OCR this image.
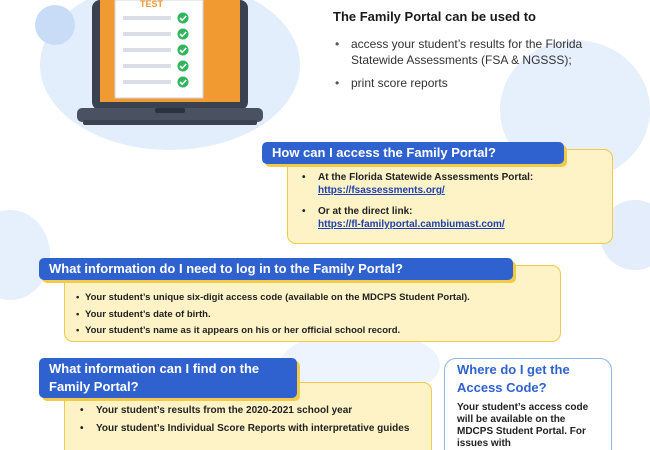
TEST
The Family Portal can be used to
• access your student’s results for the Florida Statewide Assessments (FSA & NGSSS);
• print score reports
How can I access the Family Portal?
• At the Florida Statewide Assessments Portal:
https://fsassessments.org/
• Or at the direct link:
https://fl-familyportal.cambiumast.com/
What information do I need to log in to the Family Portal?
• Your student’s unique six-digit access code (available on the MDCPS Student Portal).
• Your student’s date of birth.
• Your student’s name as it appears on his or her official school record.
What information can I find on the Family Portal?
• Your student’s results from the 2020-2021 school year
• Your student’s Individual Score Reports with interpretative guides
Where do I get the Access Code?
Your student’s access code will be available on the MDCPS Student Portal. For issues with
